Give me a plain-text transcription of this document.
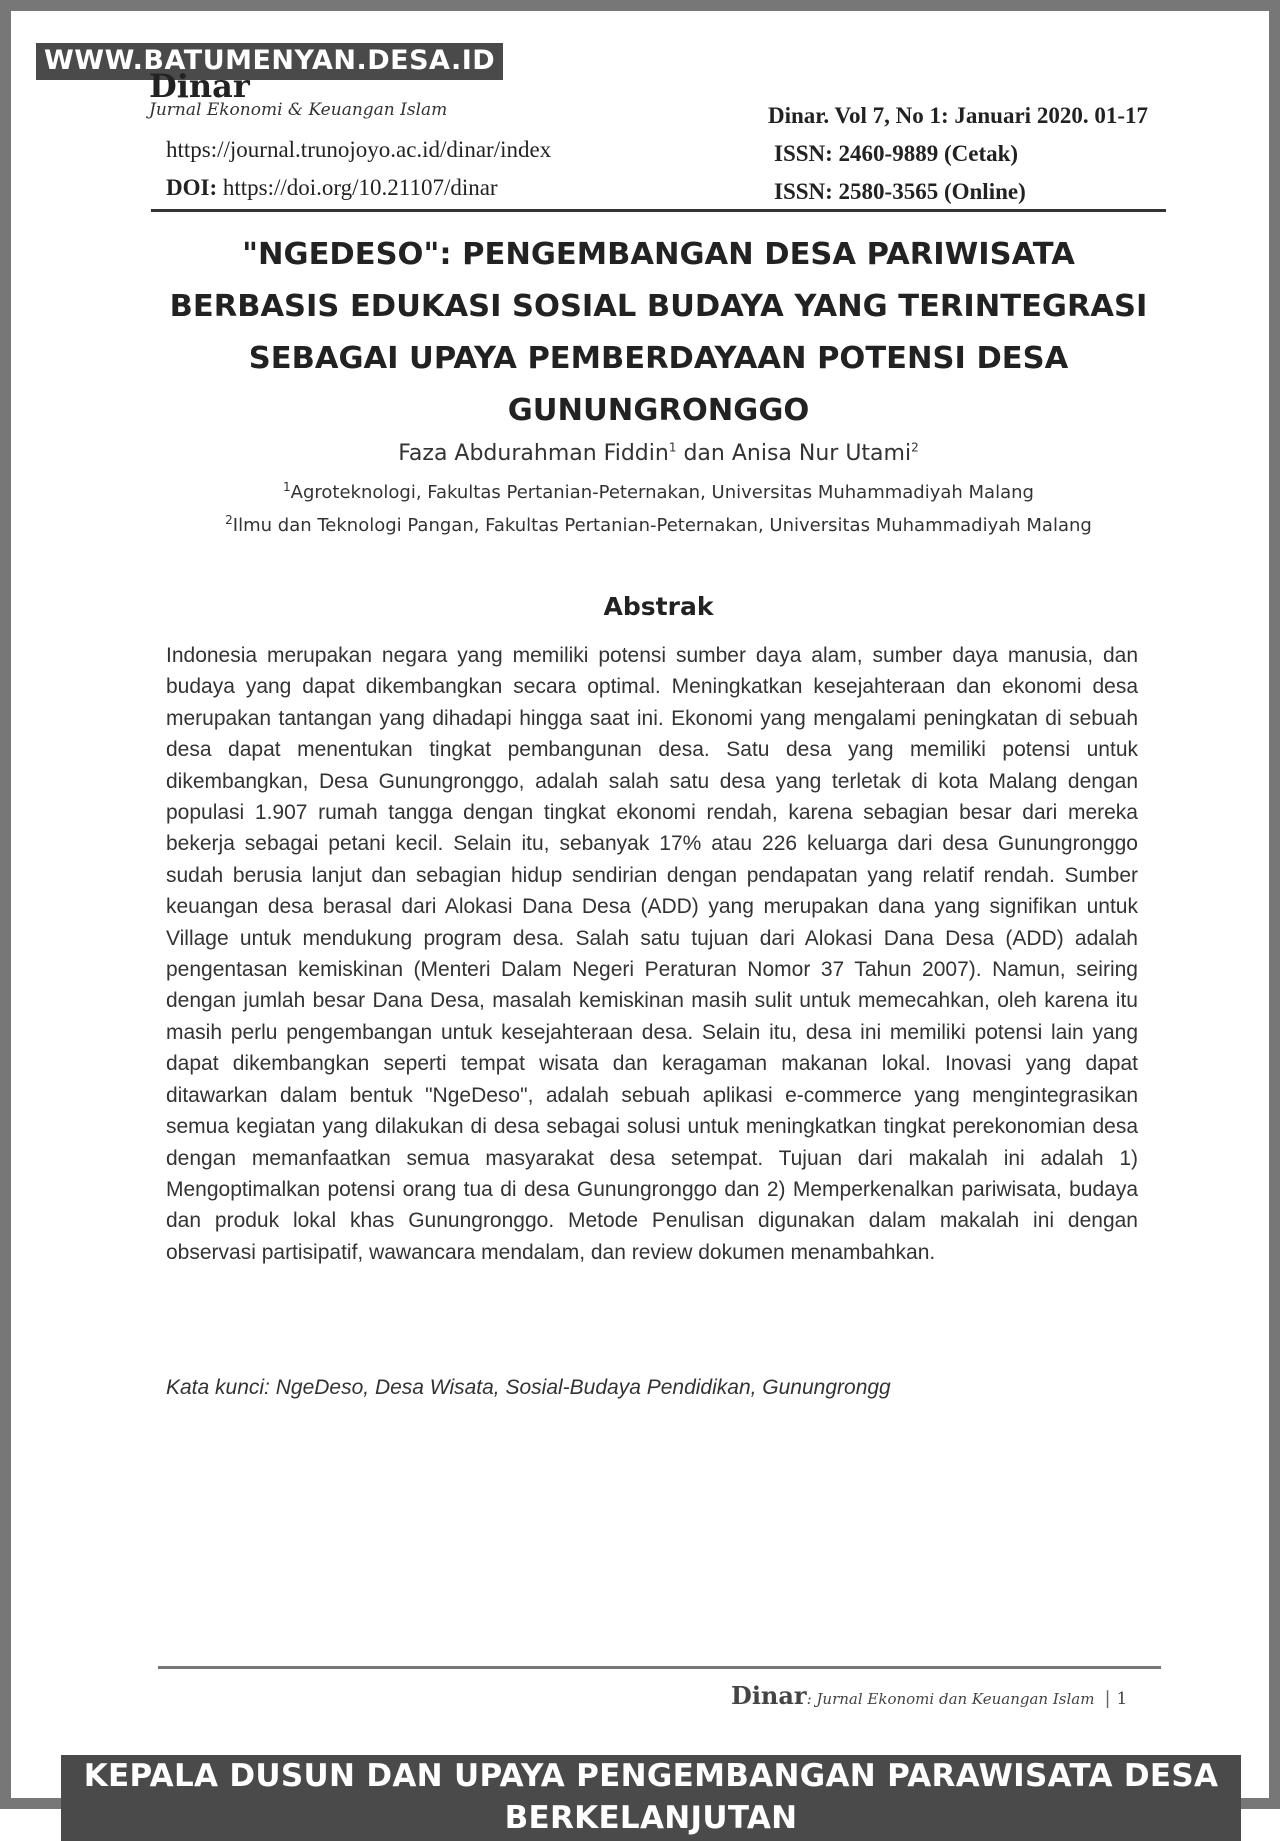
WWW.BATUMENYAN.DESA.ID
Dinar
Jurnal Ekonomi & Keuangan Islam
https://journal.trunojoyo.ac.id/dinar/index
DOI: https://doi.org/10.21107/dinar
Dinar. Vol 7, No 1: Januari 2020. 01-17
ISSN: 2460-9889 (Cetak)
ISSN: 2580-3565 (Online)
"NGEDESO": PENGEMBANGAN DESA PARIWISATA
BERBASIS EDUKASI SOSIAL BUDAYA YANG TERINTEGRASI
SEBAGAI UPAYA PEMBERDAYAAN POTENSI DESA
GUNUNGRONGGO
Faza Abdurahman Fiddin$^1$ dan Anisa Nur Utami$^2$
$^1$Agroteknologi, Fakultas Pertanian-Peternakan, Universitas Muhammadiyah Malang
$^2$Ilmu dan Teknologi Pangan, Fakultas Pertanian-Peternakan, Universitas Muhammadiyah Malang
Abstrak
Indonesia merupakan negara yang memiliki potensi sumber daya alam, sumber daya manusia, dan budaya yang dapat dikembangkan secara optimal. Meningkatkan kesejahteraan dan ekonomi desa merupakan tantangan yang dihadapi hingga saat ini. Ekonomi yang mengalami peningkatan di sebuah desa dapat menentukan tingkat pembangunan desa. Satu desa yang memiliki potensi untuk dikembangkan, Desa Gunungronggo, adalah salah satu desa yang terletak di kota Malang dengan populasi 1.907 rumah tangga dengan tingkat ekonomi rendah, karena sebagian besar dari mereka bekerja sebagai petani kecil. Selain itu, sebanyak 17% atau 226 keluarga dari desa Gunungronggo sudah berusia lanjut dan sebagian hidup sendirian dengan pendapatan yang relatif rendah. Sumber keuangan desa berasal dari Alokasi Dana Desa (ADD) yang merupakan dana yang signifikan untuk Village untuk mendukung program desa. Salah satu tujuan dari Alokasi Dana Desa (ADD) adalah pengentasan kemiskinan (Menteri Dalam Negeri Peraturan Nomor 37 Tahun 2007). Namun, seiring dengan jumlah besar Dana Desa, masalah kemiskinan masih sulit untuk memecahkan, oleh karena itu masih perlu pengembangan untuk kesejahteraan desa. Selain itu, desa ini memiliki potensi lain yang dapat dikembangkan seperti tempat wisata dan keragaman makanan lokal. Inovasi yang dapat ditawarkan dalam bentuk "NgeDeso", adalah sebuah aplikasi e-commerce yang mengintegrasikan semua kegiatan yang dilakukan di desa sebagai solusi untuk meningkatkan tingkat perekonomian desa dengan memanfaatkan semua masyarakat desa setempat. Tujuan dari makalah ini adalah 1) Mengoptimalkan potensi orang tua di desa Gunungronggo dan 2) Memperkenalkan pariwisata, budaya dan produk lokal khas Gunungronggo. Metode Penulisan digunakan dalam makalah ini dengan observasi partisipatif, wawancara mendalam, dan review dokumen menambahkan.
Kata kunci: NgeDeso, Desa Wisata, Sosial-Budaya Pendidikan, Gunungrongg
Dinar: Jurnal Ekonomi dan Keuangan Islam | 1
KEPALA DUSUN DAN UPAYA PENGEMBANGAN PARAWISATA DESA BERKELANJUTAN
